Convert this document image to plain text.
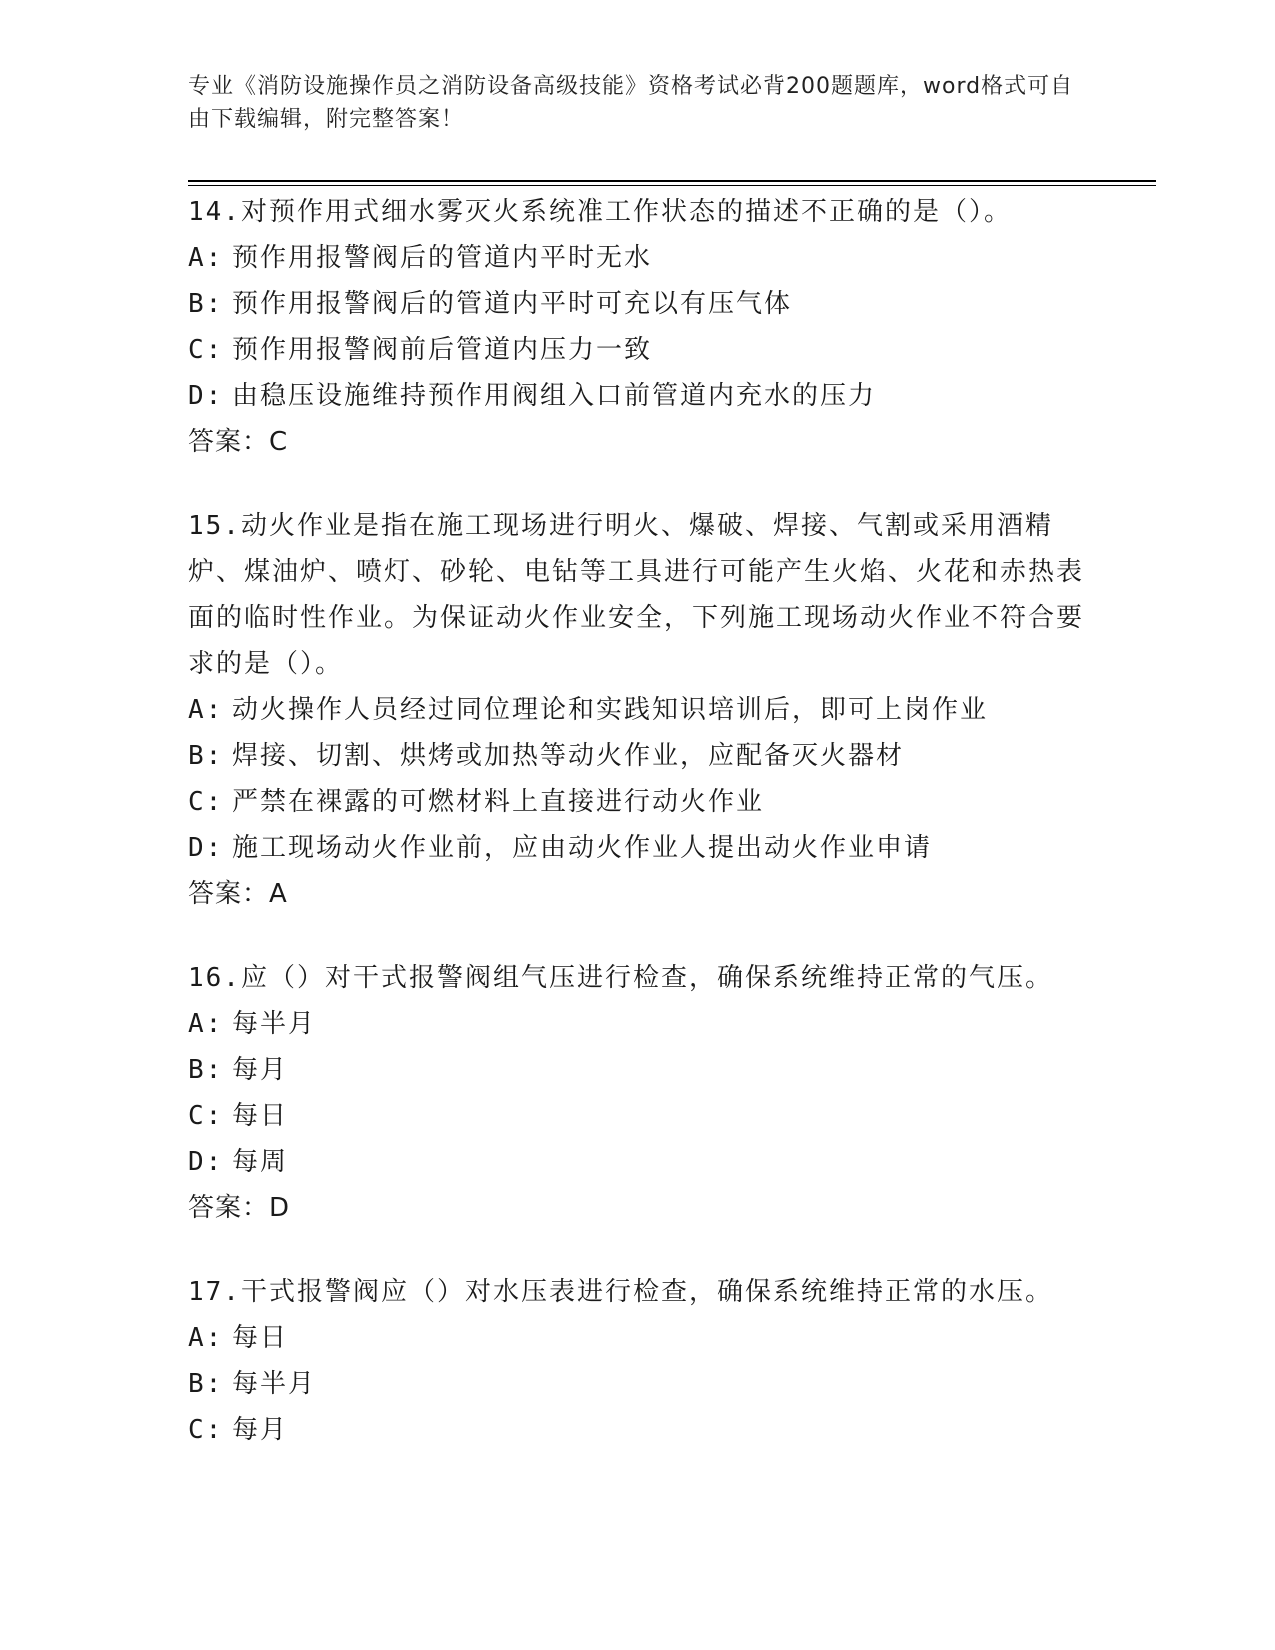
专业《消防设施操作员之消防设备高级技能》资格考试必背200题题库，word格式可自由下载编辑，附完整答案！
14.对预作用式细水雾灭火系统准工作状态的描述不正确的是（）。
A: 预作用报警阀后的管道内平时无水
B: 预作用报警阀后的管道内平时可充以有压气体
C: 预作用报警阀前后管道内压力一致
D: 由稳压设施维持预作用阀组入口前管道内充水的压力
答案：C
15.动火作业是指在施工现场进行明火、爆破、焊接、气割或采用酒精炉、煤油炉、喷灯、砂轮、电钻等工具进行可能产生火焰、火花和赤热表面的临时性作业。为保证动火作业安全，下列施工现场动火作业不符合要求的是（）。
A: 动火操作人员经过同位理论和实践知识培训后，即可上岗作业
B: 焊接、切割、烘烤或加热等动火作业，应配备灭火器材
C: 严禁在裸露的可燃材料上直接进行动火作业
D: 施工现场动火作业前，应由动火作业人提出动火作业申请
答案：A
16.应（）对干式报警阀组气压进行检查，确保系统维持正常的气压。
A: 每半月
B: 每月
C: 每日
D: 每周
答案：D
17.干式报警阀应（）对水压表进行检查，确保系统维持正常的水压。
A: 每日
B: 每半月
C: 每月
